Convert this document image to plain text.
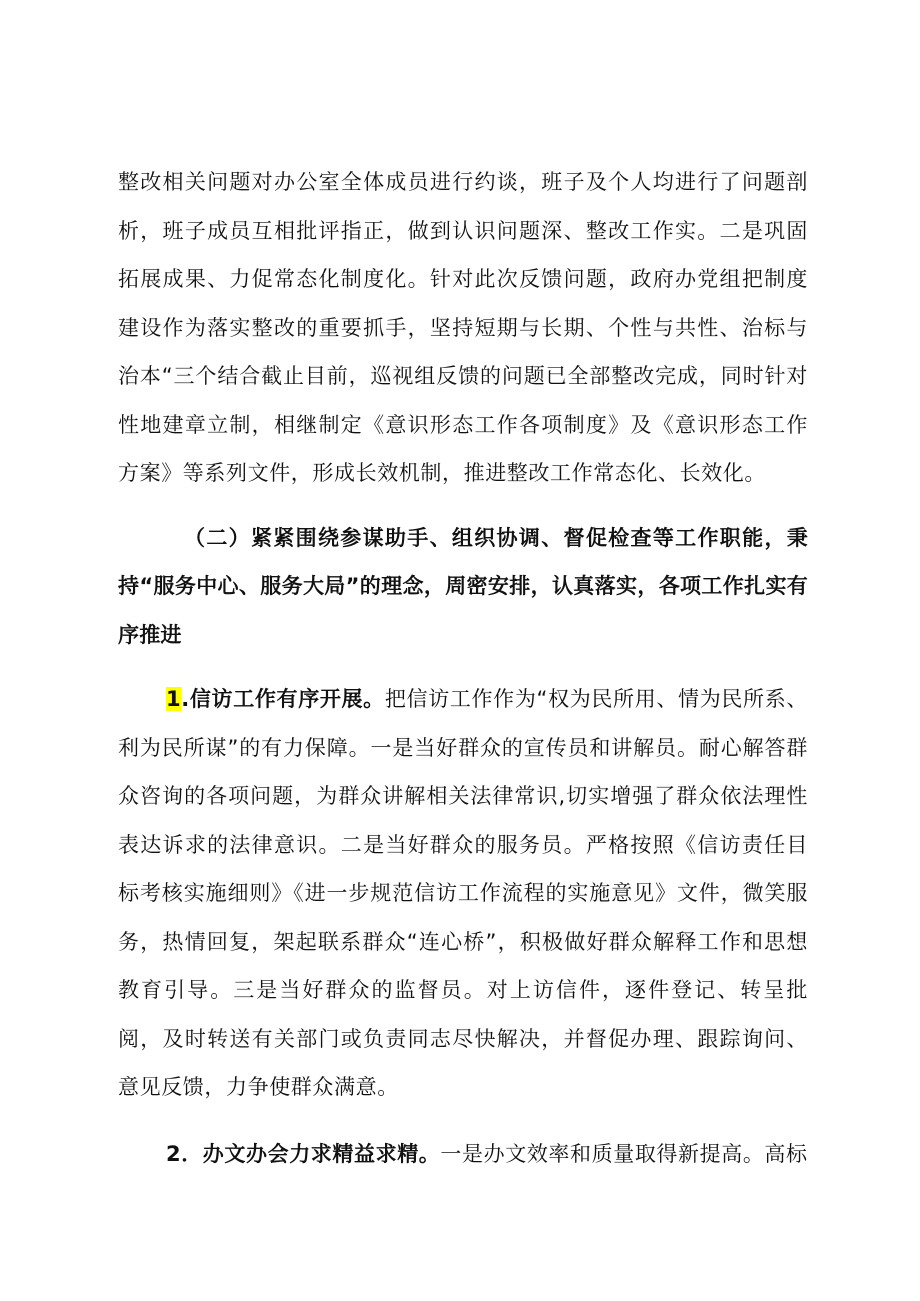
整改相关问题对办公室全体成员进行约谈，班子及个人均进行了问题剖析，班子成员互相批评指正，做到认识问题深、整改工作实。二是巩固拓展成果、力促常态化制度化。针对此次反馈问题，政府办党组把制度建设作为落实整改的重要抓手，坚持短期与长期、个性与共性、治标与治本“三个结合截止目前，巡视组反馈的问题已全部整改完成，同时针对性地建章立制，相继制定《意识形态工作各项制度》及《意识形态工作方案》等系列文件，形成长效机制，推进整改工作常态化、长效化。

（二）紧紧围绕参谋助手、组织协调、督促检查等工作职能，秉持“服务中心、服务大局”的理念，周密安排，认真落实，各项工作扎实有序推进

1.信访工作有序开展。把信访工作作为“权为民所用、情为民所系、利为民所谋”的有力保障。一是当好群众的宣传员和讲解员。耐心解答群众咨询的各项问题，为群众讲解相关法律常识,切实增强了群众依法理性表达诉求的法律意识。二是当好群众的服务员。严格按照《信访责任目标考核实施细则》《进一步规范信访工作流程的实施意见》文件，微笑服务，热情回复，架起联系群众“连心桥”，积极做好群众解释工作和思想教育引导。三是当好群众的监督员。对上访信件，逐件登记、转呈批阅，及时转送有关部门或负责同志尽快解决，并督促办理、跟踪询问、意见反馈，力争使群众满意。

2．办文办会力求精益求精。一是办文效率和质量取得新提高。高标
